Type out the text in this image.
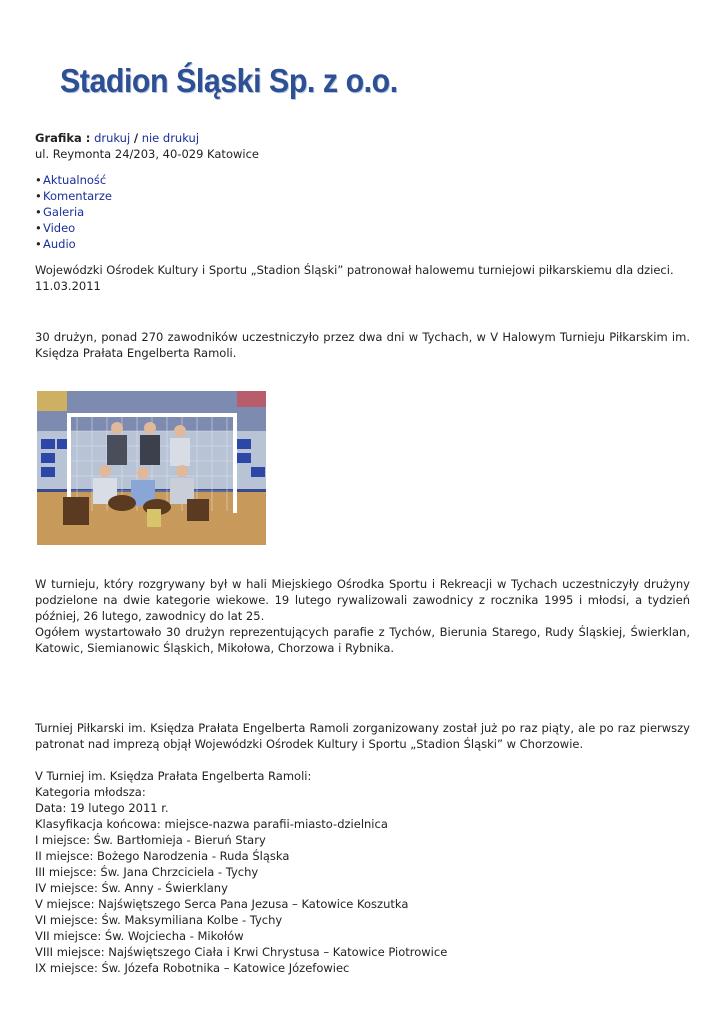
Stadion Śląski Sp. z o.o.
Grafika : drukuj / nie drukuj
ul. Reymonta 24/203, 40-029 Katowice
• Aktualność
• Komentarze
• Galeria
• Video
• Audio

Wojewódzki Ośrodek Kultury i Sportu „Stadion Śląski” patronował halowemu turniejowi piłkarskiemu dla dzieci.

11.03.2011

30 drużyn, ponad 270 zawodników uczestniczyło przez dwa dni w Tychach, w V Halowym Turnieju Piłkarskim im. Księdza Prałata Engelberta Ramoli.

W turnieju, który rozgrywany był w hali Miejskiego Ośrodka Sportu i Rekreacji w Tychach uczestniczyły drużyny podzielone na dwie kategorie wiekowe. 19 lutego rywalizowali zawodnicy z rocznika 1995 i młodsi, a tydzień później, 26 lutego, zawodnicy do lat 25.

Ogółem wystartowało 30 drużyn reprezentujących parafie z Tychów, Bierunia Starego, Rudy Śląskiej, Świerklan, Katowic, Siemianowic Śląskich, Mikołowa, Chorzowa i Rybnika.

Turniej Piłkarski im. Księdza Prałata Engelberta Ramoli zorganizowany został już po raz piąty, ale po raz pierwszy patronat nad imprezą objął Wojewódzki Ośrodek Kultury i Sportu „Stadion Śląski” w Chorzowie.

V Turniej im. Księdza Prałata Engelberta Ramoli:
Kategoria młodsza:
Data: 19 lutego 2011 r.
Klasyfikacja końcowa: miejsce-nazwa parafii-miasto-dzielnica
I miejsce: Św. Bartłomieja - Bieruń Stary
II miejsce: Bożego Narodzenia - Ruda Śląska
III miejsce: Św. Jana Chrzciciela - Tychy
IV miejsce: Św. Anny - Świerklany
V miejsce: Najświętszego Serca Pana Jezusa – Katowice Koszutka
VI miejsce: Św. Maksymiliana Kolbe - Tychy
VII miejsce: Św. Wojciecha - Mikołów
VIII miejsce: Najświętszego Ciała i Krwi Chrystusa – Katowice Piotrowice
IX miejsce: Św. Józefa Robotnika – Katowice Józefowiec
